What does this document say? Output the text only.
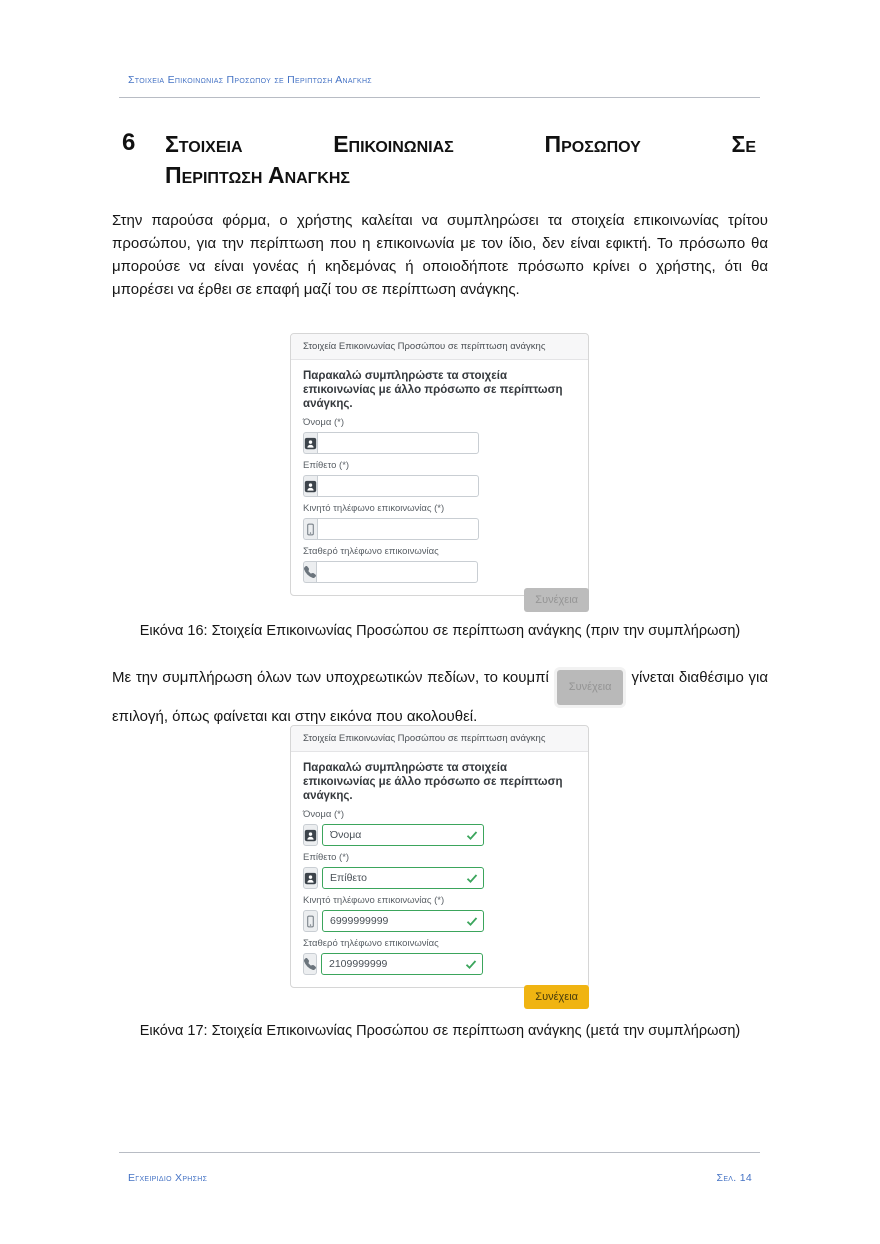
Στοιχεια Επικοινωνιας Προσωπου σε Περιπτωση Αναγκης
6 Στοιχεια Επικοινωνιας Προσωπου Σε
Περιπτωση Αναγκης
Στην παρούσα φόρμα, ο χρήστης καλείται να συμπληρώσει τα στοιχεία επικοινωνίας τρίτου προσώπου, για την περίπτωση που η επικοινωνία με τον ίδιο, δεν είναι εφικτή. Το πρόσωπο θα μπορούσε να είναι γονέας ή κηδεμόνας ή οποιοδήποτε πρόσωπο κρίνει ο χρήστης, ότι θα μπορέσει να έρθει σε επαφή μαζί του σε περίπτωση ανάγκης.
Στοιχεία Επικοινωνίας Προσώπου σε περίπτωση ανάγκης
Παρακαλώ συμπληρώστε τα στοιχεία επικοινωνίας με άλλο πρόσωπο σε περίπτωση ανάγκης.
Όνομα (*)
Επίθετο (*)
Κινητό τηλέφωνο επικοινωνίας (*)
Σταθερό τηλέφωνο επικοινωνίας
Συνέχεια
Εικόνα 16: Στοιχεία Επικοινωνίας Προσώπου σε περίπτωση ανάγκης (πριν την συμπλήρωση)
Με την συμπλήρωση όλων των υποχρεωτικών πεδίων, το κουμπίΣυνέχειαγίνεται διαθέσιμο για επιλογή, όπως φαίνεται και στην εικόνα που ακολουθεί.
Στοιχεία Επικοινωνίας Προσώπου σε περίπτωση ανάγκης
Παρακαλώ συμπληρώστε τα στοιχεία επικοινωνίας με άλλο πρόσωπο σε περίπτωση ανάγκης.
Όνομα (*)
Όνομα
Επίθετο (*)
Επίθετο
Κινητό τηλέφωνο επικοινωνίας (*)
6999999999
Σταθερό τηλέφωνο επικοινωνίας
2109999999
Συνέχεια
Εικόνα 17: Στοιχεία Επικοινωνίας Προσώπου σε περίπτωση ανάγκης (μετά την συμπλήρωση)
Εγχειριδιο Χρησης	Σελ. 14
